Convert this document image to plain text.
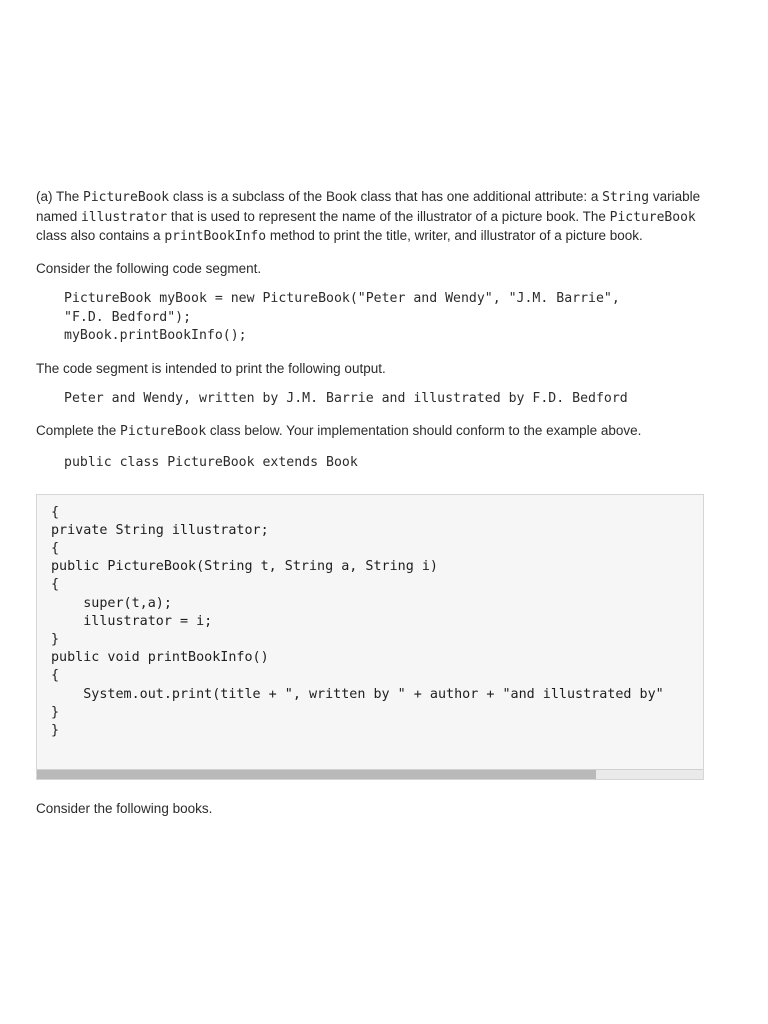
(a) The PictureBook class is a subclass of the Book class that has one additional attribute: a String variable named illustrator that is used to represent the name of the illustrator of a picture book. The PictureBook class also contains a printBookInfo method to print the title, writer, and illustrator of a picture book.

Consider the following code segment.

PictureBook myBook = new PictureBook("Peter and Wendy", "J.M. Barrie",
"F.D. Bedford");
myBook.printBookInfo();

The code segment is intended to print the following output.

Peter and Wendy, written by J.M. Barrie and illustrated by F.D. Bedford

Complete the PictureBook class below. Your implementation should conform to the example above.

public class PictureBook extends Book
{
private String illustrator;
{
public PictureBook(String t, String a, String i)
{
super(t,a);
illustrator = i;
}
public void printBookInfo()
{
System.out.print(title + ", written by " + author + "and illustrated by"
}
}

Consider the following books.
